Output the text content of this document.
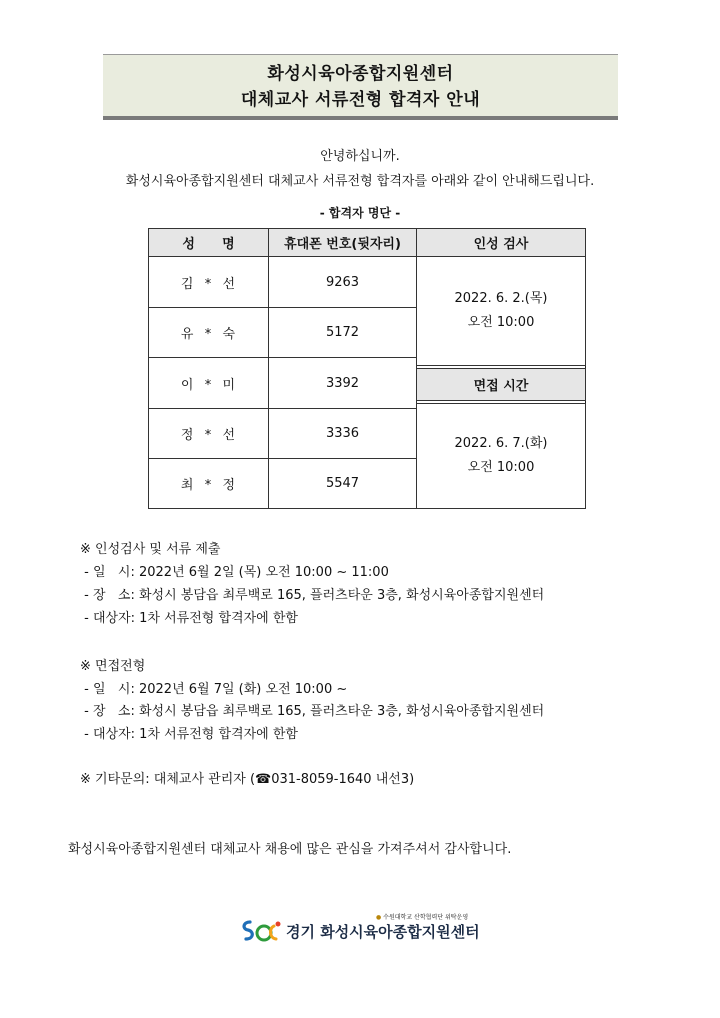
화성시육아종합지원센터
대체교사 서류전형 합격자 안내
안녕하십니까.
화성시육아종합지원센터 대체교사 서류전형 합격자를 아래와 같이 안내해드립니다.
- 합격자 명단 -
성      명	휴대폰 번호(뒷자리)	인성 검사
김  *  선
유  *  숙
이  *  미
정  *  선
최  *  정
9263
5172
3392
3336
5547
2022. 6. 2.(목)
오전 10:00
면접 시간
2022. 6. 7.(화)
오전 10:00
※ 인성검사 및 서류 제출
- 일   시: 2022년 6월 2일 (목) 오전 10:00 ~ 11:00
- 장   소: 화성시 봉담읍 최루백로 165, 플러츠타운 3층, 화성시육아종합지원센터
- 대상자: 1차 서류전형 합격자에 한함
※ 면접전형
- 일   시: 2022년 6월 7일 (화) 오전 10:00 ~
- 장   소: 화성시 봉담읍 최루백로 165, 플러츠타운 3층, 화성시육아종합지원센터
- 대상자: 1차 서류전형 합격자에 한함
※ 기타문의: 대체교사 관리자 (☎031-8059-1640 내선3)
화성시육아종합지원센터 대체교사 채용에 많은 관심을 가져주셔서 감사합니다.
● 수원대학교 산학협력단 위탁운영
경기 화성시육아종합지원센터
